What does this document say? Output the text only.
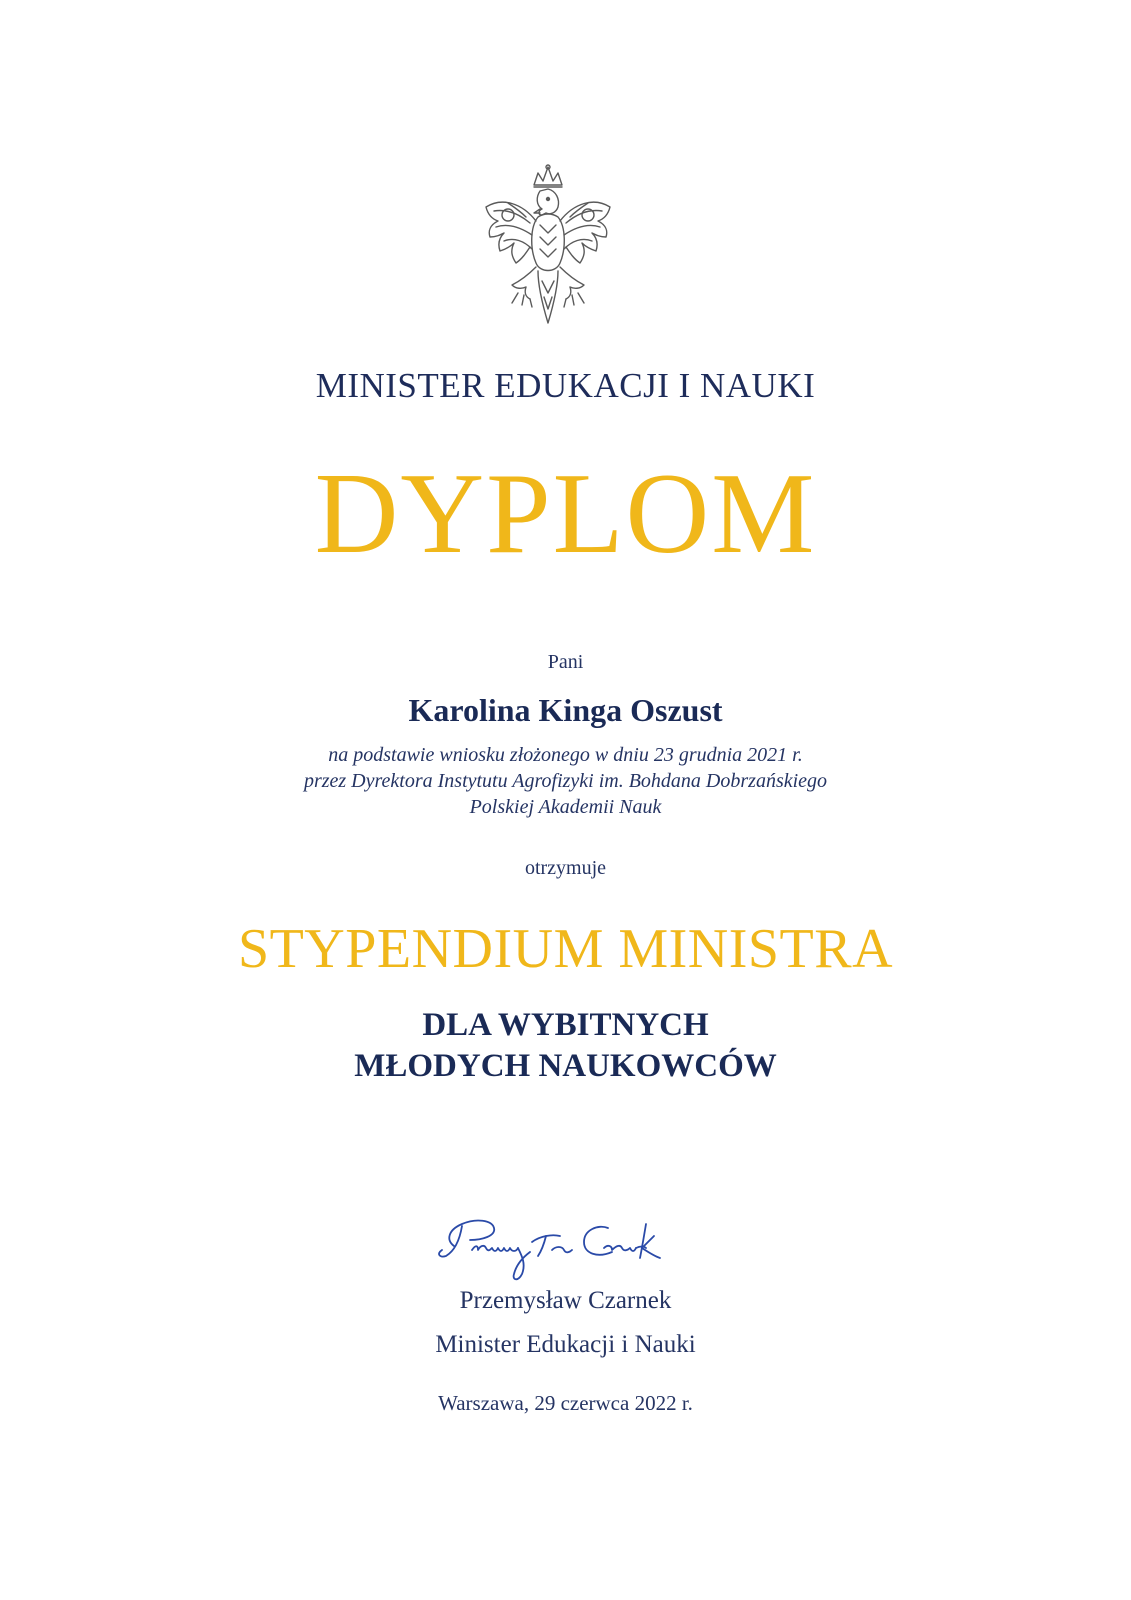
MINISTER EDUKACJI I NAUKI
DYPLOM
Pani
Karolina Kinga Oszust
na podstawie wniosku złożonego w dniu 23 grudnia 2021 r.
przez Dyrektora Instytutu Agrofizyki im. Bohdana Dobrzańskiego
Polskiej Akademii Nauk
otrzymuje
STYPENDIUM MINISTRA
DLA WYBITNYCH
MŁODYCH NAUKOWCÓW
Przemysław Czarnek
Minister Edukacji i Nauki
Warszawa, 29 czerwca 2022 r.
